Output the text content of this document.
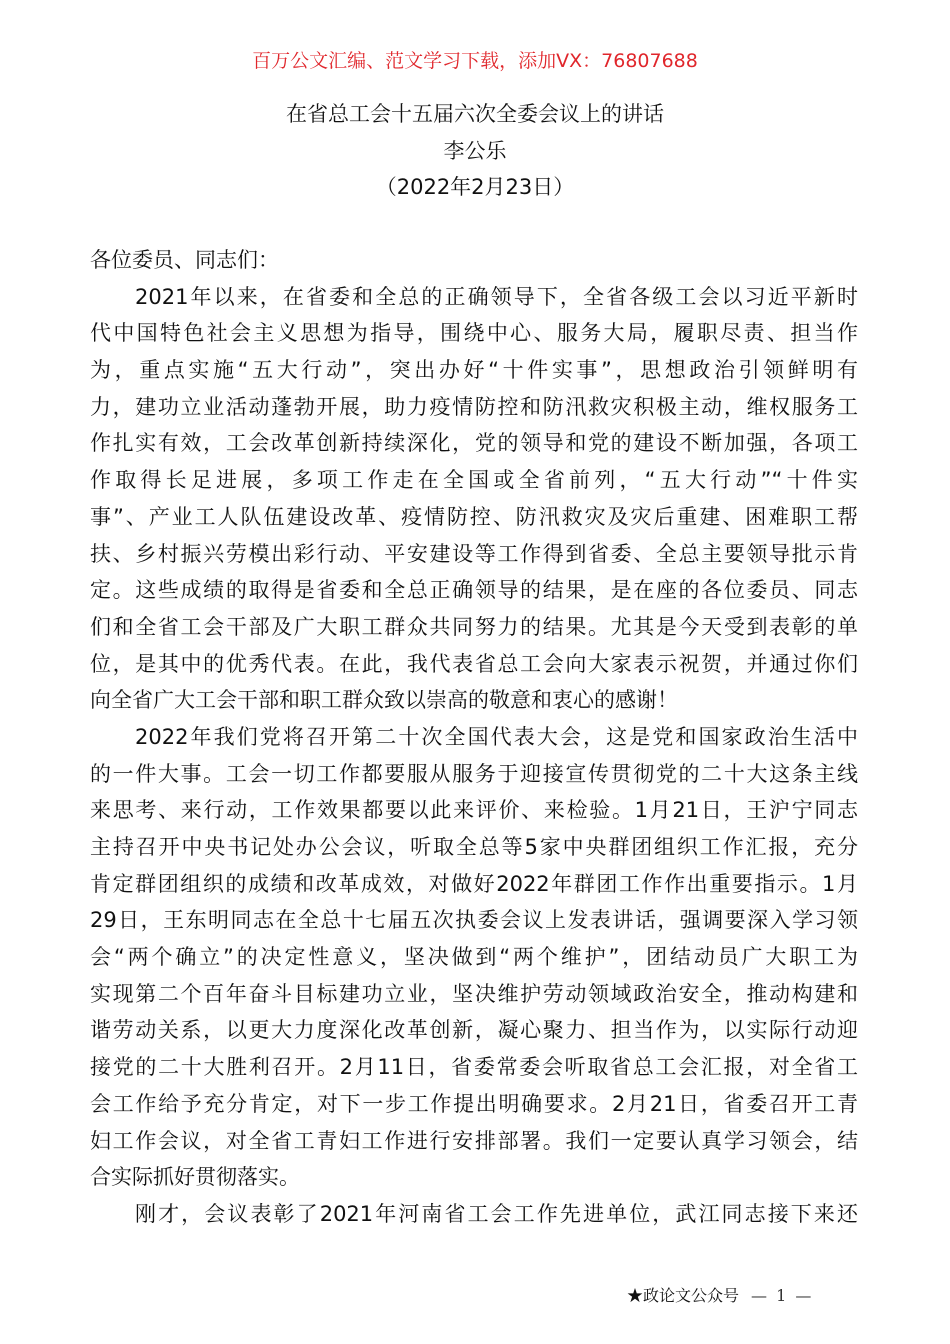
百万公文汇编、范文学习下载，添加VX：76807688
在省总工会十五届六次全委会议上的讲话
李公乐
（2022年2月23日）
各位委员、同志们：
2021年以来，在省委和全总的正确领导下，全省各级工会以习近平新时
代中国特色社会主义思想为指导，围绕中心、服务大局，履职尽责、担当作
为，重点实施“五大行动”，突出办好“十件实事”，思想政治引领鲜明有
力，建功立业活动蓬勃开展，助力疫情防控和防汛救灾积极主动，维权服务工
作扎实有效，工会改革创新持续深化，党的领导和党的建设不断加强，各项工
作取得长足进展，多项工作走在全国或全省前列，“五大行动”“十件实
事”、产业工人队伍建设改革、疫情防控、防汛救灾及灾后重建、困难职工帮
扶、乡村振兴劳模出彩行动、平安建设等工作得到省委、全总主要领导批示肯
定。这些成绩的取得是省委和全总正确领导的结果，是在座的各位委员、同志
们和全省工会干部及广大职工群众共同努力的结果。尤其是今天受到表彰的单
位，是其中的优秀代表。在此，我代表省总工会向大家表示祝贺，并通过你们
向全省广大工会干部和职工群众致以崇高的敬意和衷心的感谢！
2022年我们党将召开第二十次全国代表大会，这是党和国家政治生活中
的一件大事。工会一切工作都要服从服务于迎接宣传贯彻党的二十大这条主线
来思考、来行动，工作效果都要以此来评价、来检验。1月21日，王沪宁同志
主持召开中央书记处办公会议，听取全总等5家中央群团组织工作汇报，充分
肯定群团组织的成绩和改革成效，对做好2022年群团工作作出重要指示。1月
29日，王东明同志在全总十七届五次执委会议上发表讲话，强调要深入学习领
会“两个确立”的决定性意义，坚决做到“两个维护”，团结动员广大职工为
实现第二个百年奋斗目标建功立业，坚决维护劳动领域政治安全，推动构建和
谐劳动关系，以更大力度深化改革创新，凝心聚力、担当作为，以实际行动迎
接党的二十大胜利召开。2月11日，省委常委会听取省总工会汇报，对全省工
会工作给予充分肯定，对下一步工作提出明确要求。2月21日，省委召开工青
妇工作会议，对全省工青妇工作进行安排部署。我们一定要认真学习领会，结
合实际抓好贯彻落实。
刚才，会议表彰了2021年河南省工会工作先进单位，武江同志接下来还
★政论文公众号 — 1 —
